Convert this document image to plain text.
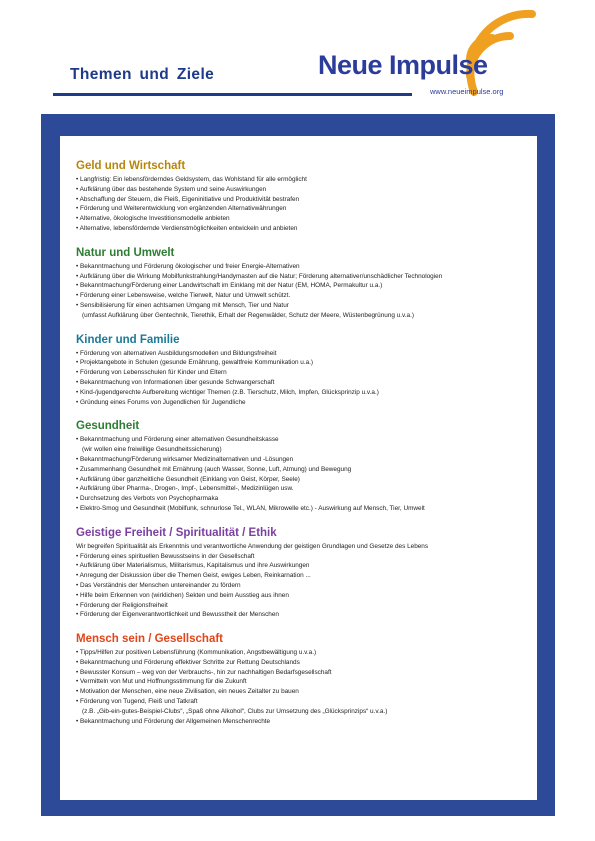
Themen und Ziele	Neue Impulse
www.neueimpulse.org
Geld und Wirtschaft
• Langfristig: Ein lebensförderndes Geldsystem, das Wohlstand für alle ermöglicht
• Aufklärung über das bestehende System und seine Auswirkungen
• Abschaffung der Steuern, die Fleiß, Eigeninitiative und Produktivität bestrafen
• Förderung und Weiterentwicklung von ergänzenden Alternativwährungen
• Alternative, ökologische Investitionsmodelle anbieten
• Alternative, lebensfördernde Verdienstmöglichkeiten entwickeln und anbieten
Natur und Umwelt
• Bekanntmachung und Förderung ökologischer und freier Energie-Alternativen
• Aufklärung über die Wirkung Mobilfunkstrahlung/Handymasten auf die Natur; Förderung alternativer/unschädlicher Technologien
• Bekanntmachung/Förderung einer Landwirtschaft im Einklang mit der Natur (EM, HOMA, Permakultur u.a.)
• Förderung einer Lebensweise, welche Tierwelt, Natur und Umwelt schützt.
• Sensibilisierung für einen achtsamen Umgang mit Mensch, Tier und Natur
(umfasst Aufklärung über Gentechnik, Tierethik, Erhalt der Regenwälder, Schutz der Meere, Wüstenbegrünung u.v.a.)
Kinder und Familie
• Förderung von alternativen Ausbildungsmodellen und Bildungsfreiheit
• Projektangebote in Schulen (gesunde Ernährung, gewaltfreie Kommunikation u.a.)
• Förderung von Lebensschulen für Kinder und Eltern
• Bekanntmachung von Informationen über gesunde Schwangerschaft
• Kind-/jugendgerechte Aufbereitung wichtiger Themen (z.B. Tierschutz, Milch, Impfen, Glücksprinzip u.v.a.)
• Gründung eines Forums von Jugendlichen für Jugendliche
Gesundheit
• Bekanntmachung und Förderung einer alternativen Gesundheitskasse
(wir wollen eine freiwillige Gesundheitssicherung)
• Bekanntmachung/Förderung wirksamer Medizinalternativen und -Lösungen
• Zusammenhang Gesundheit mit Ernährung (auch Wasser, Sonne, Luft, Atmung) und Bewegung
• Aufklärung über ganzheitliche Gesundheit (Einklang von Geist, Körper, Seele)
• Aufklärung über Pharma-, Drogen-, Impf-, Lebensmittel-, Medizinlügen usw.
• Durchsetzung des Verbots von Psychopharmaka
• Elektro-Smog und Gesundheit (Mobilfunk, schnurlose Tel., WLAN, Mikrowelle etc.) - Auswirkung auf Mensch, Tier, Umwelt
Geistige Freiheit / Spiritualität / Ethik
Wir begreifen Spiritualität als Erkenntnis und verantwortliche Anwendung der geistigen Grundlagen und Gesetze des Lebens
• Förderung eines spirituellen Bewusstseins in der Gesellschaft
• Aufklärung über Materialismus, Militarismus, Kapitalismus und ihre Auswirkungen
• Anregung der Diskussion über die Themen Geist, ewiges Leben, Reinkarnation ...
• Das Verständnis der Menschen untereinander zu fördern
• Hilfe beim Erkennen von (wirklichen) Sekten und beim Ausstieg aus ihnen
• Förderung der Religionsfreiheit
• Förderung der Eigenverantwortlichkeit und Bewusstheit der Menschen
Mensch sein / Gesellschaft
• Tipps/Hilfen zur positiven Lebensführung (Kommunikation, Angstbewältigung u.v.a.)
• Bekanntmachung und Förderung effektiver Schritte zur Rettung Deutschlands
• Bewusster Konsum – weg von der Verbrauchs-, hin zur nachhaltigen Bedarfsgesellschaft
• Vermitteln von Mut und Hoffnungsstimmung für die Zukunft
• Motivation der Menschen, eine neue Zivilisation, ein neues Zeitalter zu bauen
• Förderung von Tugend, Fleiß und Tatkraft
(z.B. „Gib-ein-gutes-Beispiel-Clubs“, „Spaß ohne Alkohol“, Clubs zur Umsetzung des „Glücksprinzips“ u.v.a.)
• Bekanntmachung und Förderung der Allgemeinen Menschenrechte
